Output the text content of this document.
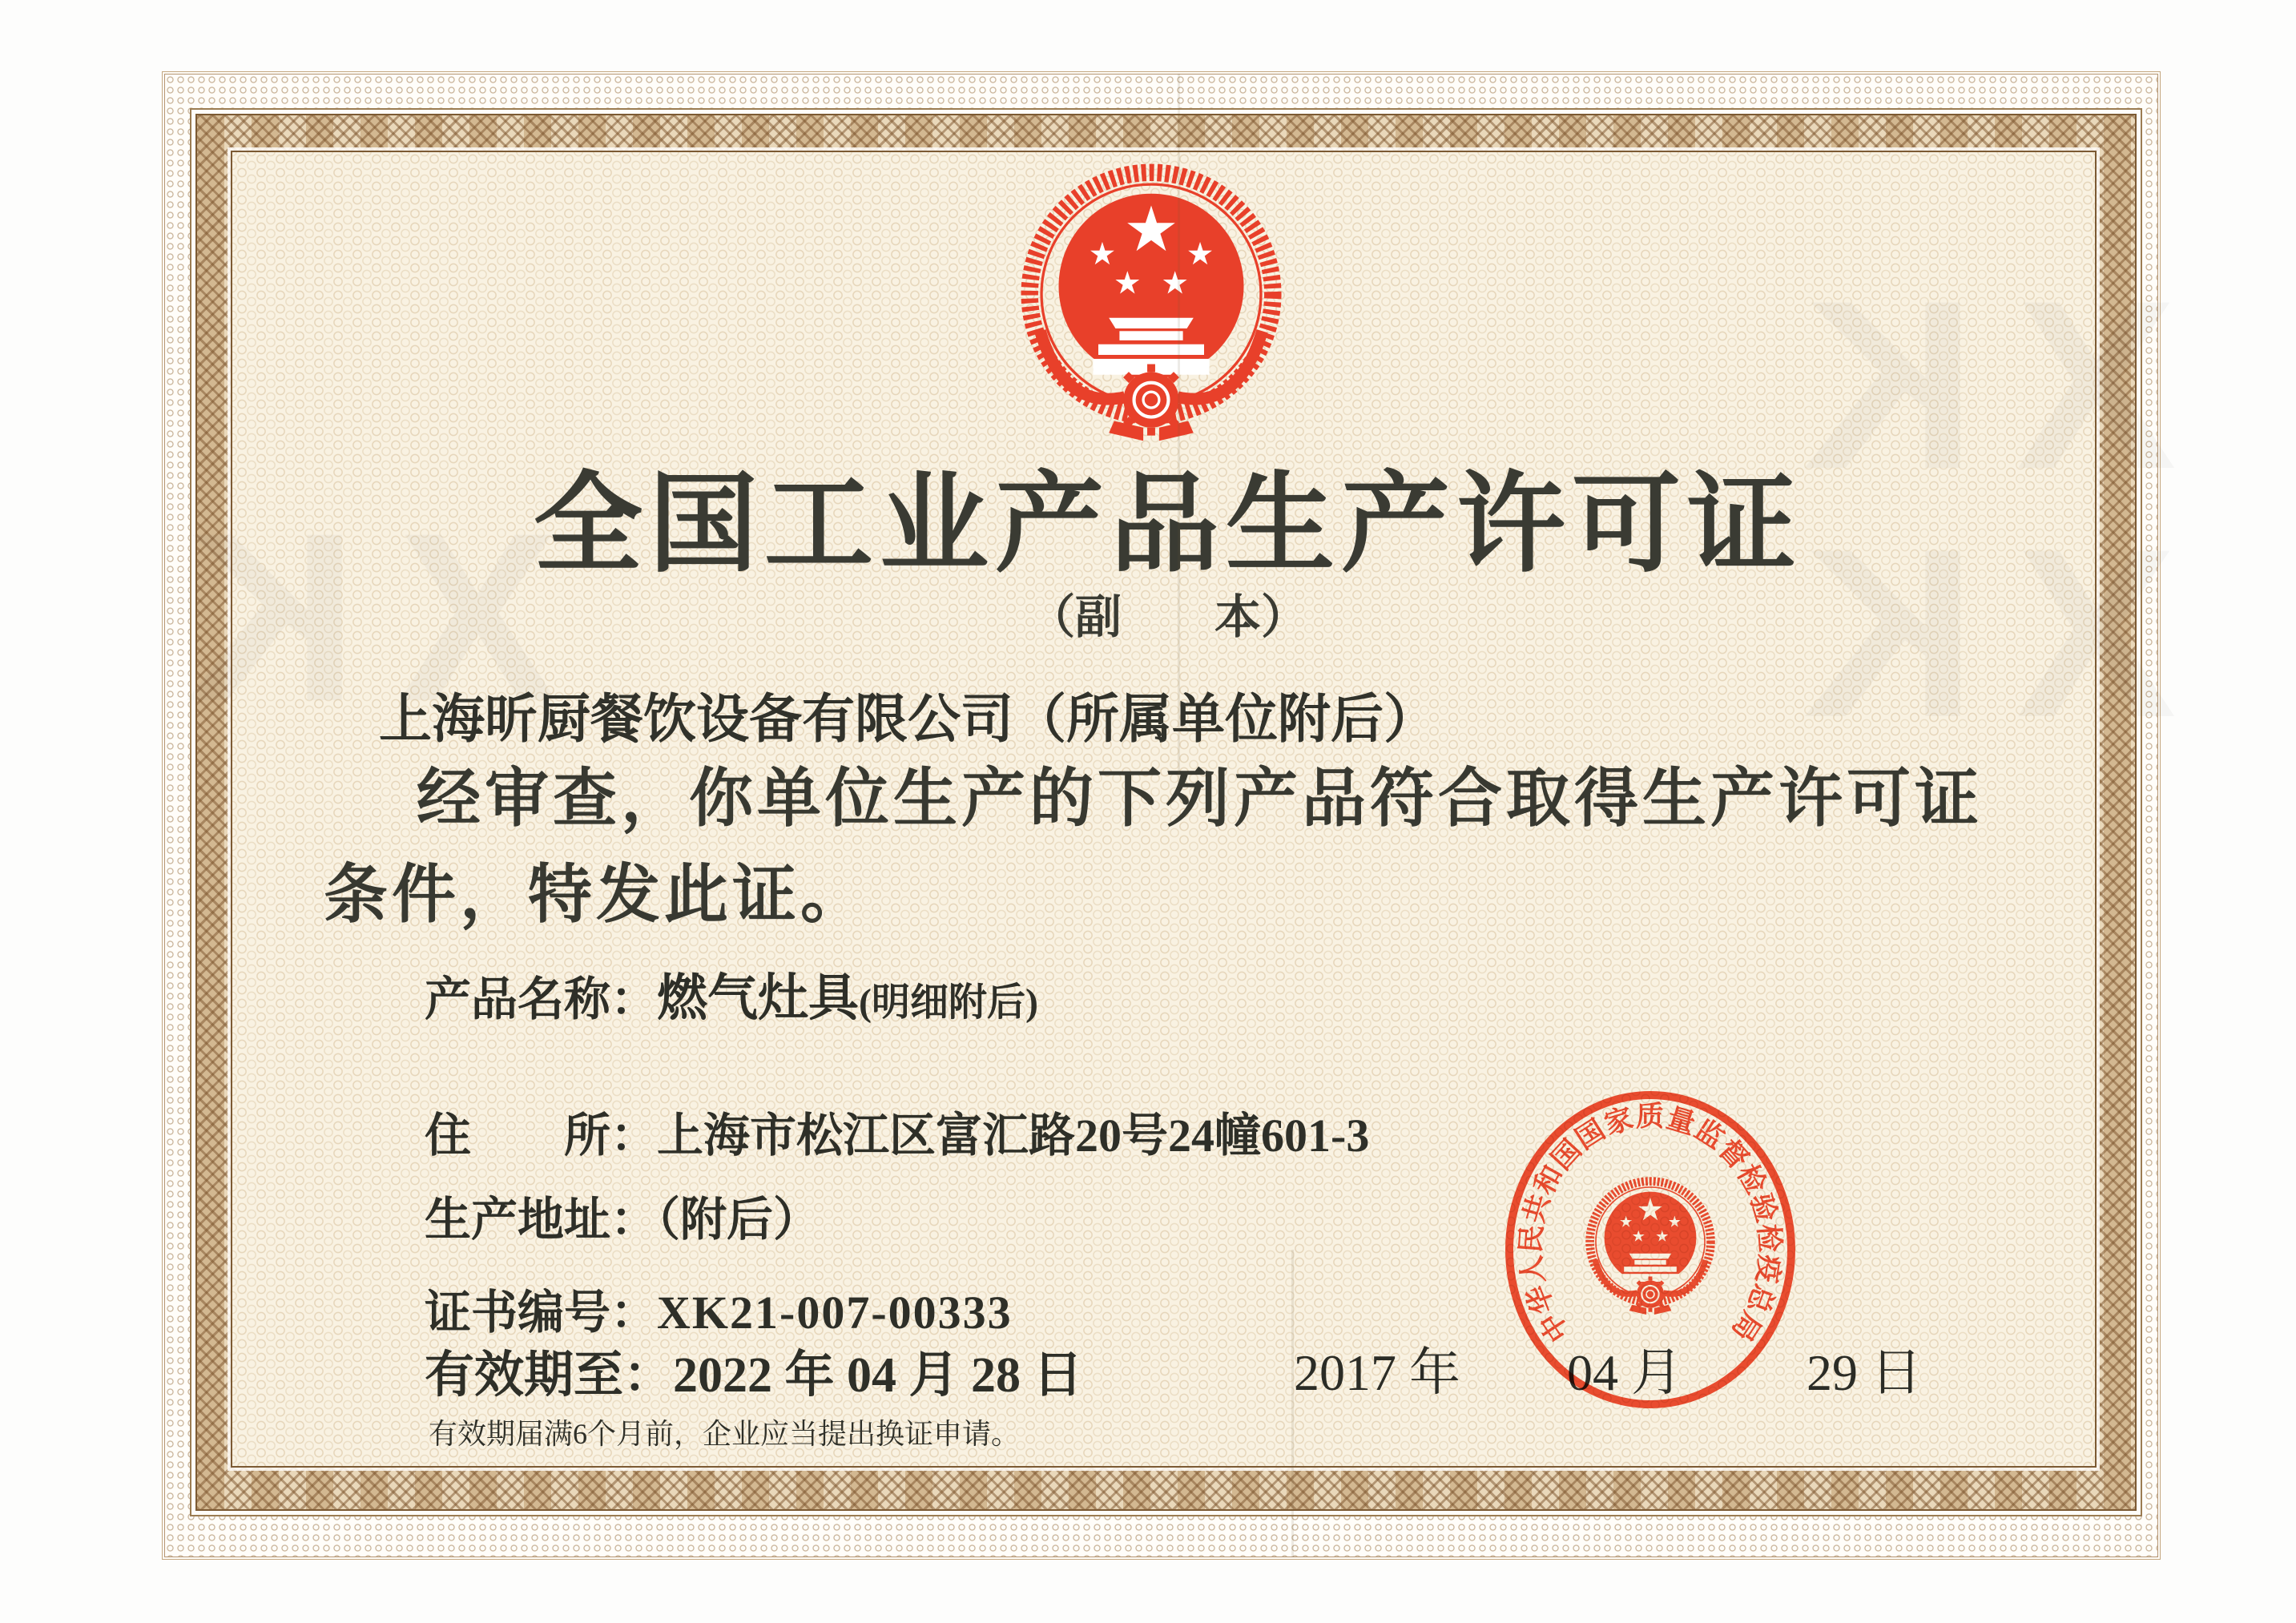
XK
XK
XK
全国工业产品生产许可证
（副　　本）
上海昕厨餐饮设备有限公司（所属单位附后）
经审查，你单位生产的下列产品符合取得生产许可证
条件，特发此证。
产品名称：燃气灶具(明细附后)
住　　所：上海市松江区富汇路20号24幢601-3
生产地址：（附后）
证书编号：XK21-007-00333
有效期至：2022 年 04 月 28 日
有效期届满6个月前，企业应当提出换证申请。
2017 年 04 月 29 日
中华人民共和国国家质量监督检验检疫总局
